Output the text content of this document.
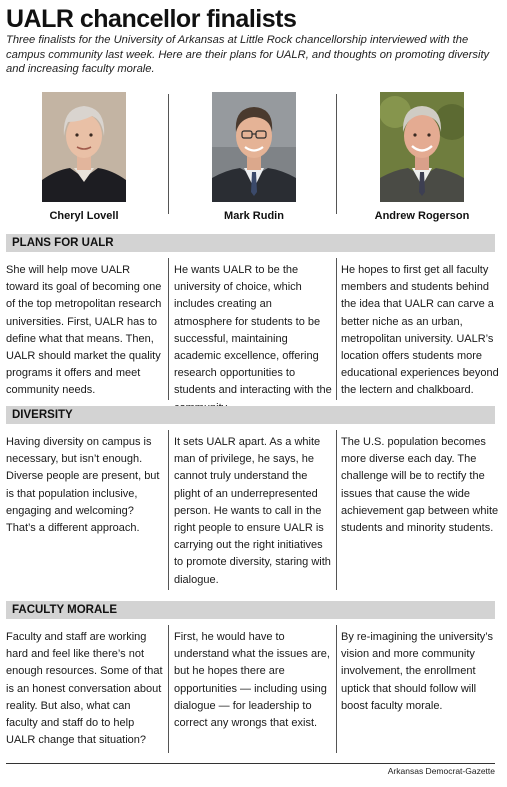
UALR chancellor finalists
Three finalists for the University of Arkansas at Little Rock chancellorship interviewed with the campus community last week. Here are their plans for UALR, and thoughts on promoting diversity and increasing faculty morale.
Cheryl Lovell	Mark Rudin	Andrew Rogerson
PLANS FOR UALR
She will help move UALR toward its goal of becoming one of the top metropolitan research universities. First, UALR has to define what that means. Then, UALR should market the quality programs it offers and meet community needs.
He wants UALR to be the university of choice, which includes creating an atmosphere for students to be successful, maintaining academic excellence, offering research opportunities to students and interacting with the
He hopes to first get all faculty members and students behind the idea that UALR can carve a better niche as an urban, metropolitan university. UALR’s location offers students more educational experiences beyond the lectern and chalkboard.
DIVERSITY
Having diversity on campus is necessary, but isn’t enough. Diverse people are present, but is that population inclusive, engaging and welcoming? That’s a different approach.
It sets UALR apart. As a white man of privilege, he says, he cannot truly understand the plight of an underrepresented person. He wants to call in the right people to ensure UALR is carrying out the right initiatives to promote diversity, staring with dialogue.
The U.S. population becomes more diverse each day. The challenge will be to rectify the issues that cause the wide achievement gap between white students and minority students.
FACULTY MORALE
Faculty and staff are working hard and feel like there’s not enough resources. Some of that is an honest conversation about reality. But also, what can faculty and staff do to help UALR change that situation?
First, he would have to understand what the issues are, but he hopes there are opportunities — including using dialogue — for leadership to correct any wrongs that exist.
By re-imagining the university’s vision and more community involvement, the enrollment uptick that should follow will boost faculty morale.
Arkansas Democrat-Gazette
